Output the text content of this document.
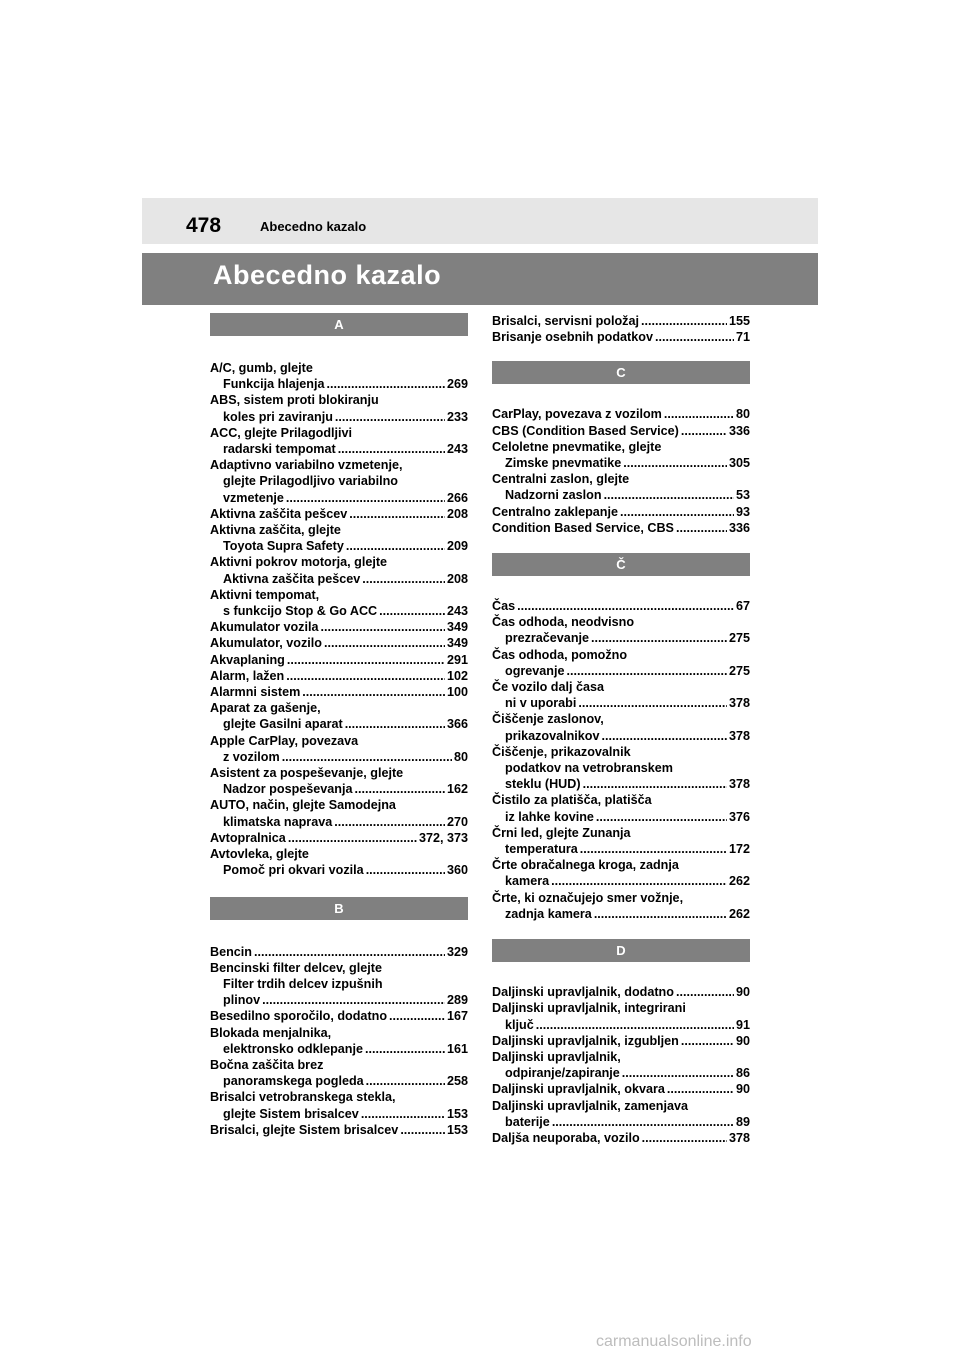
478	Abecedno kazalo
Abecedno kazalo
A
A/C, gumb, glejte
Funkcija hlajenja .....	269
ABS, sistem proti blokiranju
koles pri zaviranju .....	233
ACC, glejte Prilagodljivi
radarski tempomat .....	243
Adaptivno variabilno vzmetenje,
glejte Prilagodljivo variabilno
vzmetenje .....	266
Aktivna zaščita pešcev .....	208
Aktivna zaščita, glejte
Toyota Supra Safety .....	209
Aktivni pokrov motorja, glejte
Aktivna zaščita pešcev .....	208
Aktivni tempomat,
s funkcijo Stop & Go ACC .....	243
Akumulator vozila .....	349
Akumulator, vozilo .....	349
Akvaplaning .....	291
Alarm, lažen .....	102
Alarmni sistem .....	100
Aparat za gašenje,
glejte Gasilni aparat .....	366
Apple CarPlay, povezava
z vozilom .....	80
Asistent za pospeševanje, glejte
Nadzor pospeševanja .....	162
AUTO, način, glejte Samodejna
klimatska naprava .....	270
Avtopralnica .....	372, 373
Avtovleka, glejte
Pomoč pri okvari vozila .....	360
B
Bencin .....	329
Bencinski filter delcev, glejte
Filter trdih delcev izpušnih
plinov .....	289
Besedilno sporočilo, dodatno .....	167
Blokada menjalnika,
elektronsko odklepanje .....	161
Bočna zaščita brez
panoramskega pogleda .....	258
Brisalci vetrobranskega stekla,
glejte Sistem brisalcev .....	153
Brisalci, glejte Sistem brisalcev .....	153
Brisalci, servisni položaj .....	155
Brisanje osebnih podatkov .....	71
C
CarPlay, povezava z vozilom .....	80
CBS (Condition Based Service) .....	336
Celoletne pnevmatike, glejte
Zimske pnevmatike .....	305
Centralni zaslon, glejte
Nadzorni zaslon .....	53
Centralno zaklepanje .....	93
Condition Based Service, CBS .....	336
Č
Čas .....	67
Čas odhoda, neodvisno
prezračevanje .....	275
Čas odhoda, pomožno
ogrevanje .....	275
Če vozilo dalj časa
ni v uporabi .....	378
Čiščenje zaslonov,
prikazovalnikov .....	378
Čiščenje, prikazovalnik
podatkov na vetrobranskem
steklu (HUD) .....	378
Čistilo za platišča, platišča
iz lahke kovine .....	376
Črni led, glejte Zunanja
temperatura .....	172
Črte obračalnega kroga, zadnja
kamera .....	262
Črte, ki označujejo smer vožnje,
zadnja kamera .....	262
D
Daljinski upravljalnik, dodatno .....	90
Daljinski upravljalnik, integrirani
ključ .....	91
Daljinski upravljalnik, izgubljen .....	90
Daljinski upravljalnik,
odpiranje/zapiranje .....	86
Daljinski upravljalnik, okvara .....	90
Daljinski upravljalnik, zamenjava
baterije .....	89
Daljša neuporaba, vozilo .....	378
carmanualsonline.info
